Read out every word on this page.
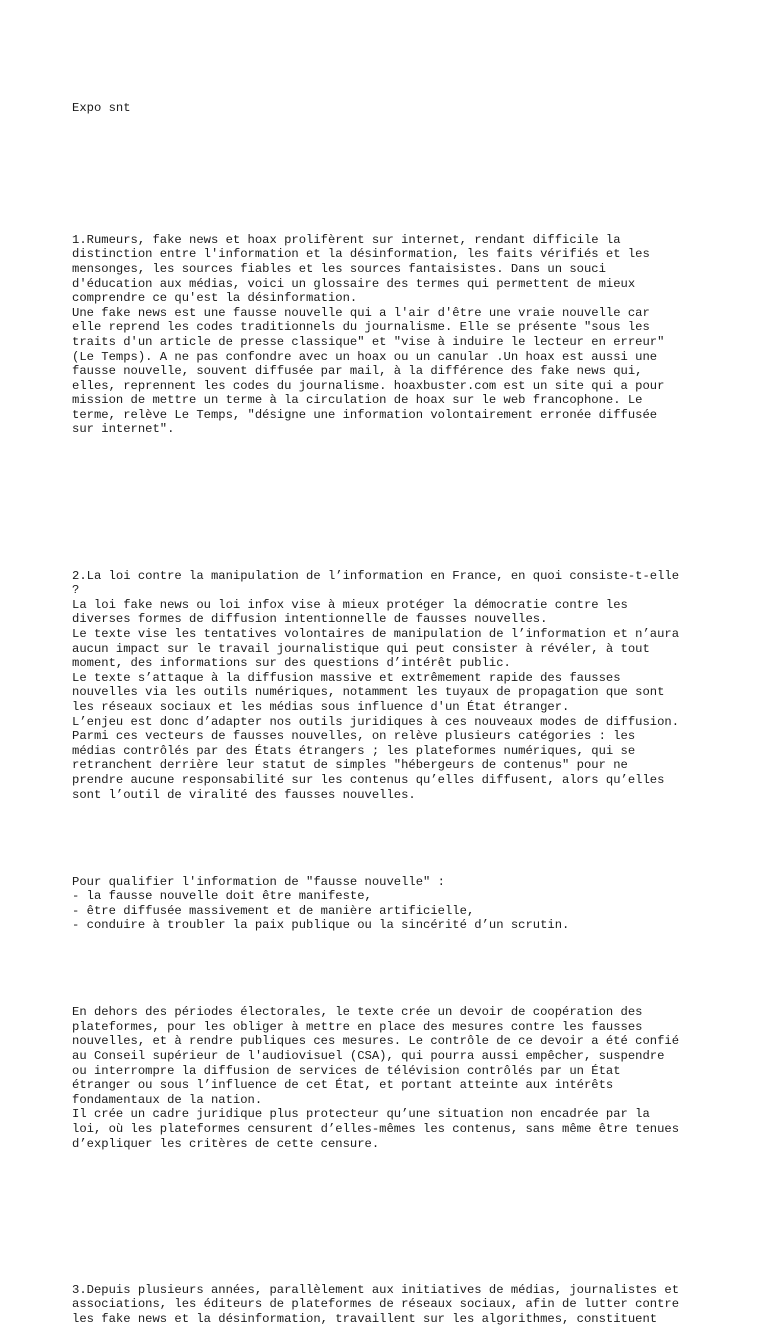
Expo snt

1.Rumeurs, fake news et hoax prolifèrent sur internet, rendant difficile la

distinction entre l'information et la désinformation, les faits vérifiés et les

mensonges, les sources fiables et les sources fantaisistes. Dans un souci

d'éducation aux médias, voici un glossaire des termes qui permettent de mieux

comprendre ce qu'est la désinformation.

Une fake news est une fausse nouvelle qui a l'air d'être une vraie nouvelle car

elle reprend les codes traditionnels du journalisme. Elle se présente "sous les

traits d'un article de presse classique" et "vise à induire le lecteur en erreur"

(Le Temps). A ne pas confondre avec un hoax ou un canular .Un hoax est aussi une

fausse nouvelle, souvent diffusée par mail, à la différence des fake news qui,

elles, reprennent les codes du journalisme. hoaxbuster.com est un site qui a pour

mission de mettre un terme à la circulation de hoax sur le web francophone. Le

terme, relève Le Temps, "désigne une information volontairement erronée diffusée

sur internet".

2.La loi contre la manipulation de l’information en France, en quoi consiste-t-elle

?

La loi fake news ou loi infox vise à mieux protéger la démocratie contre les

diverses formes de diffusion intentionnelle de fausses nouvelles.

Le texte vise les tentatives volontaires de manipulation de l’information et n’aura

aucun impact sur le travail journalistique qui peut consister à révéler, à tout

moment, des informations sur des questions d’intérêt public.

Le texte s’attaque à la diffusion massive et extrêmement rapide des fausses

nouvelles via les outils numériques, notamment les tuyaux de propagation que sont

les réseaux sociaux et les médias sous influence d'un État étranger.

L’enjeu est donc d’adapter nos outils juridiques à ces nouveaux modes de diffusion.

Parmi ces vecteurs de fausses nouvelles, on relève plusieurs catégories : les

médias contrôlés par des États étrangers ; les plateformes numériques, qui se

retranchent derrière leur statut de simples "hébergeurs de contenus" pour ne

prendre aucune responsabilité sur les contenus qu’elles diffusent, alors qu’elles

sont l’outil de viralité des fausses nouvelles.

Pour qualifier l'information de "fausse nouvelle" :

- la fausse nouvelle doit être manifeste,

- être diffusée massivement et de manière artificielle,

- conduire à troubler la paix publique ou la sincérité d’un scrutin.

En dehors des périodes électorales, le texte crée un devoir de coopération des

plateformes, pour les obliger à mettre en place des mesures contre les fausses

nouvelles, et à rendre publiques ces mesures. Le contrôle de ce devoir a été confié

au Conseil supérieur de l'audiovisuel (CSA), qui pourra aussi empêcher, suspendre

ou interrompre la diffusion de services de télévision contrôlés par un État

étranger ou sous l’influence de cet État, et portant atteinte aux intérêts

fondamentaux de la nation.

Il crée un cadre juridique plus protecteur qu’une situation non encadrée par la

loi, où les plateformes censurent d’elles-mêmes les contenus, sans même être tenues

d’expliquer les critères de cette censure.

3.Depuis plusieurs années, parallèlement aux initiatives de médias, journalistes et

associations, les éditeurs de plateformes de réseaux sociaux, afin de lutter contre

les fake news et la désinformation, travaillent sur les algorithmes, constituent
